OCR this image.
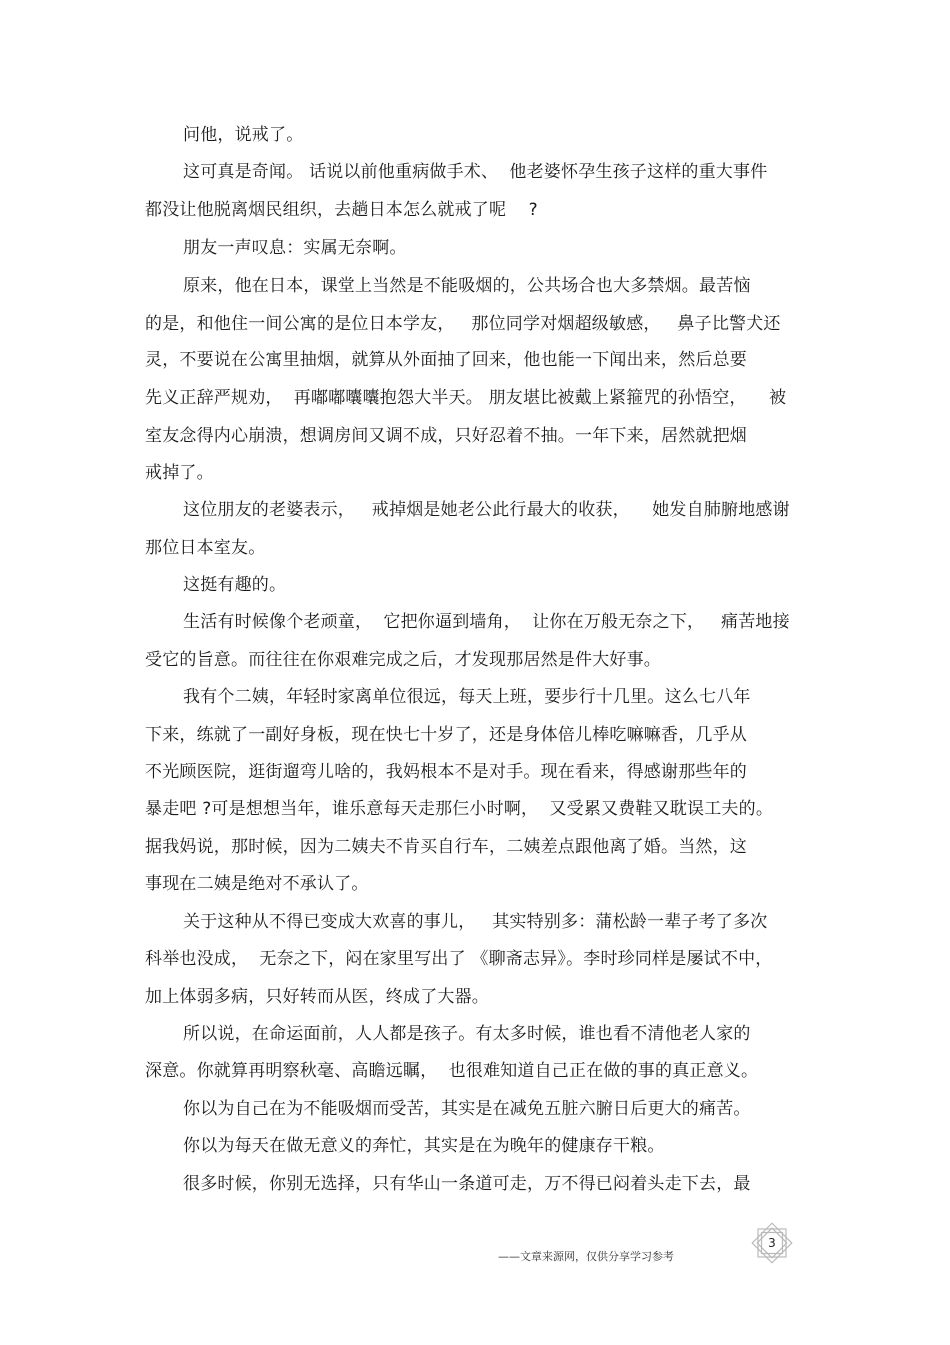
问他，说戒了。
这可真是奇闻。 话说以前他重病做手术、  他老婆怀孕生孩子这样的重大事件
都没让他脱离烟民组织，去趟日本怎么就戒了呢    ?
朋友一声叹息：实属无奈啊。
原来，他在日本，课堂上当然是不能吸烟的，公共场合也大多禁烟。最苦恼
的是，和他住一间公寓的是位日本学友，   那位同学对烟超级敏感，   鼻子比警犬还
灵，不要说在公寓里抽烟，就算从外面抽了回来，他也能一下闻出来，然后总要
先义正辞严规劝，  再嘟嘟囔囔抱怨大半天。 朋友堪比被戴上紧箍咒的孙悟空，    被
室友念得内心崩溃，想调房间又调不成，只好忍着不抽。一年下来，居然就把烟
戒掉了。
这位朋友的老婆表示，   戒掉烟是她老公此行最大的收获，    她发自肺腑地感谢
那位日本室友。
这挺有趣的。
生活有时候像个老顽童，  它把你逼到墙角，  让你在万般无奈之下，   痛苦地接
受它的旨意。而往往在你艰难完成之后，才发现那居然是件大好事。
我有个二姨，年轻时家离单位很远，每天上班，要步行十几里。这么七八年
下来，练就了一副好身板，现在快七十岁了，还是身体倍儿棒吃嘛嘛香，几乎从
不光顾医院，逛街遛弯儿啥的，我妈根本不是对手。现在看来，得感谢那些年的
暴走吧 ?可是想想当年，谁乐意每天走那仨小时啊，  又受累又费鞋又耽误工夫的。
据我妈说，那时候，因为二姨夫不肯买自行车，二姨差点跟他离了婚。当然，这
事现在二姨是绝对不承认了。
关于这种从不得已变成大欢喜的事儿，   其实特别多：蒲松龄一辈子考了多次
科举也没成，  无奈之下，闷在家里写出了 《聊斋志异》。李时珍同样是屡试不中，
加上体弱多病，只好转而从医，终成了大器。
所以说，在命运面前，人人都是孩子。有太多时候，谁也看不清他老人家的
深意。你就算再明察秋毫、高瞻远瞩，  也很难知道自己正在做的事的真正意义。
你以为自己在为不能吸烟而受苦，其实是在减免五脏六腑日后更大的痛苦。
你以为每天在做无意义的奔忙，其实是在为晚年的健康存干粮。
很多时候，你别无选择，只有华山一条道可走，万不得已闷着头走下去，最
——文章来源网，仅供分享学习参考
3
